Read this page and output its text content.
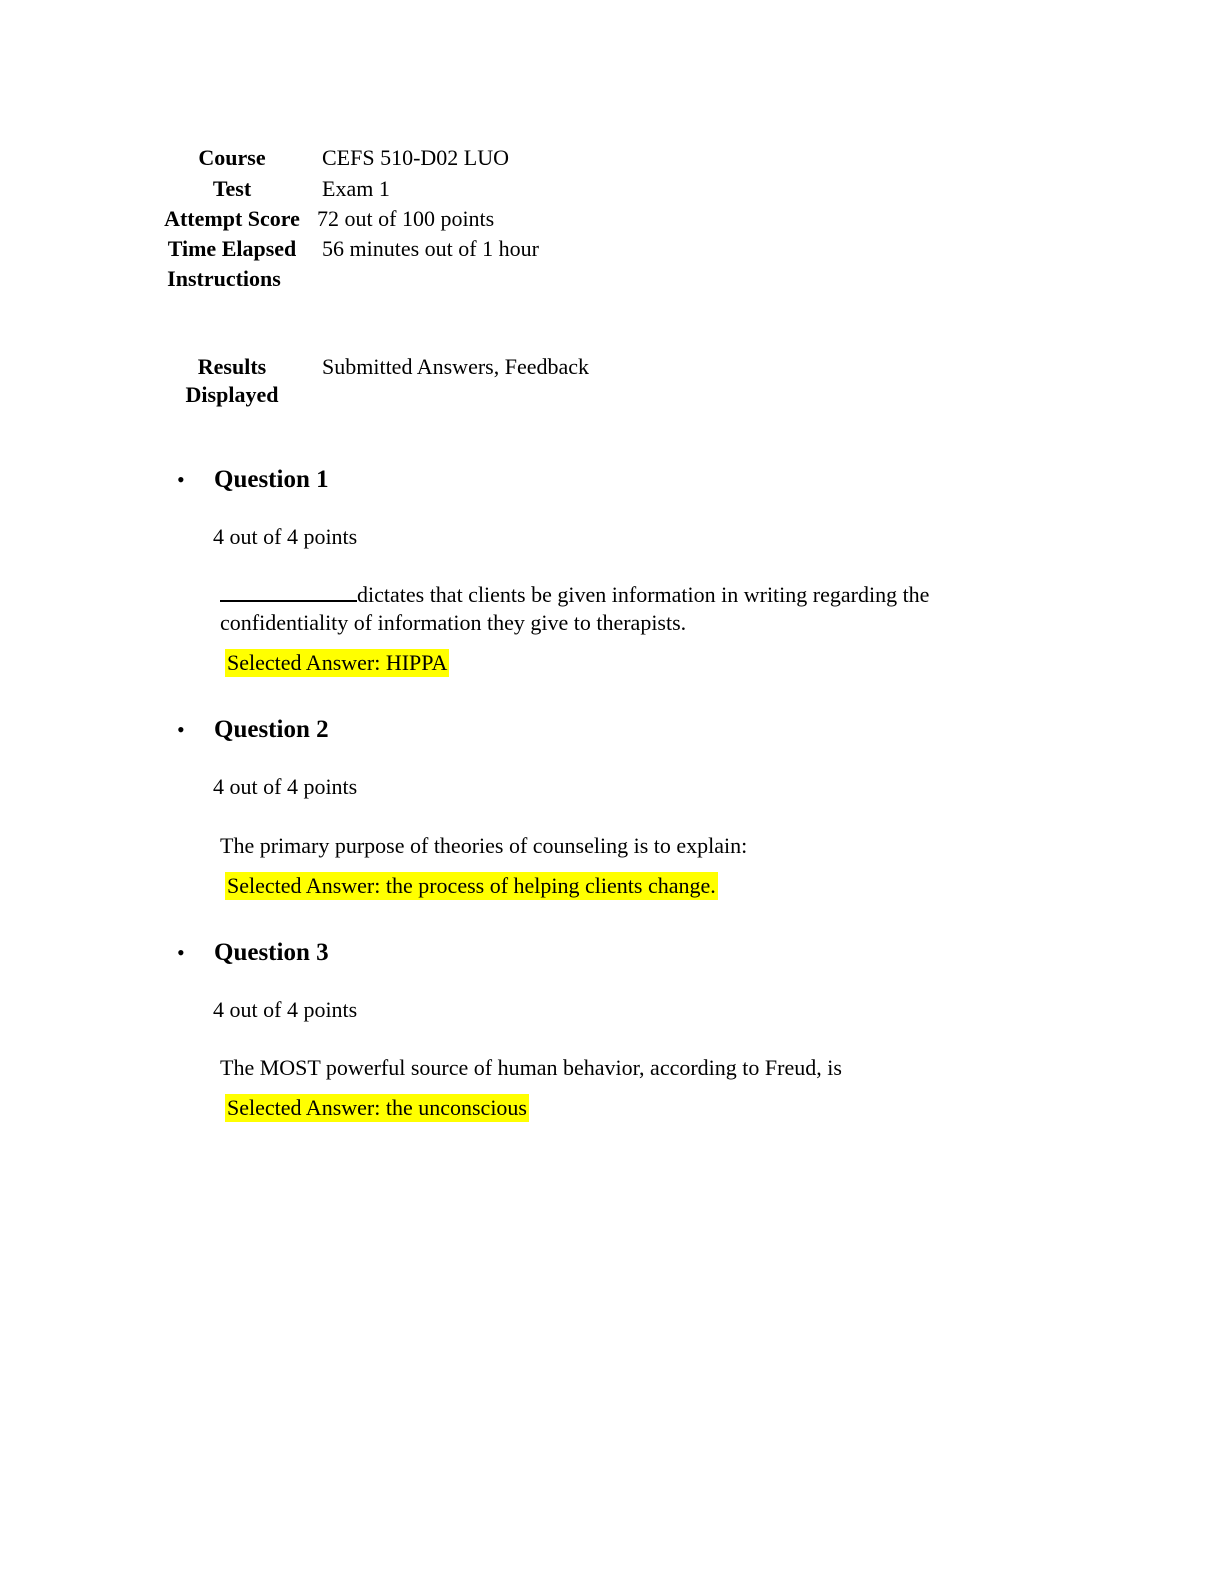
Course	CEFS 510-D02 LUO
Test	Exam 1
Attempt Score 72 out of 100 points
Time Elapsed	56 minutes out of 1 hour
Instructions
Results	Submitted Answers, Feedback
Displayed
• Question 1
4 out of 4 points
dictates that clients be given information in writing regarding the
confidentiality of information they give to therapists.
Selected Answer: HIPPA
• Question 2
4 out of 4 points
The primary purpose of theories of counseling is to explain:
Selected Answer: the process of helping clients change.
• Question 3
4 out of 4 points
The MOST powerful source of human behavior, according to Freud, is
Selected Answer: the unconscious
